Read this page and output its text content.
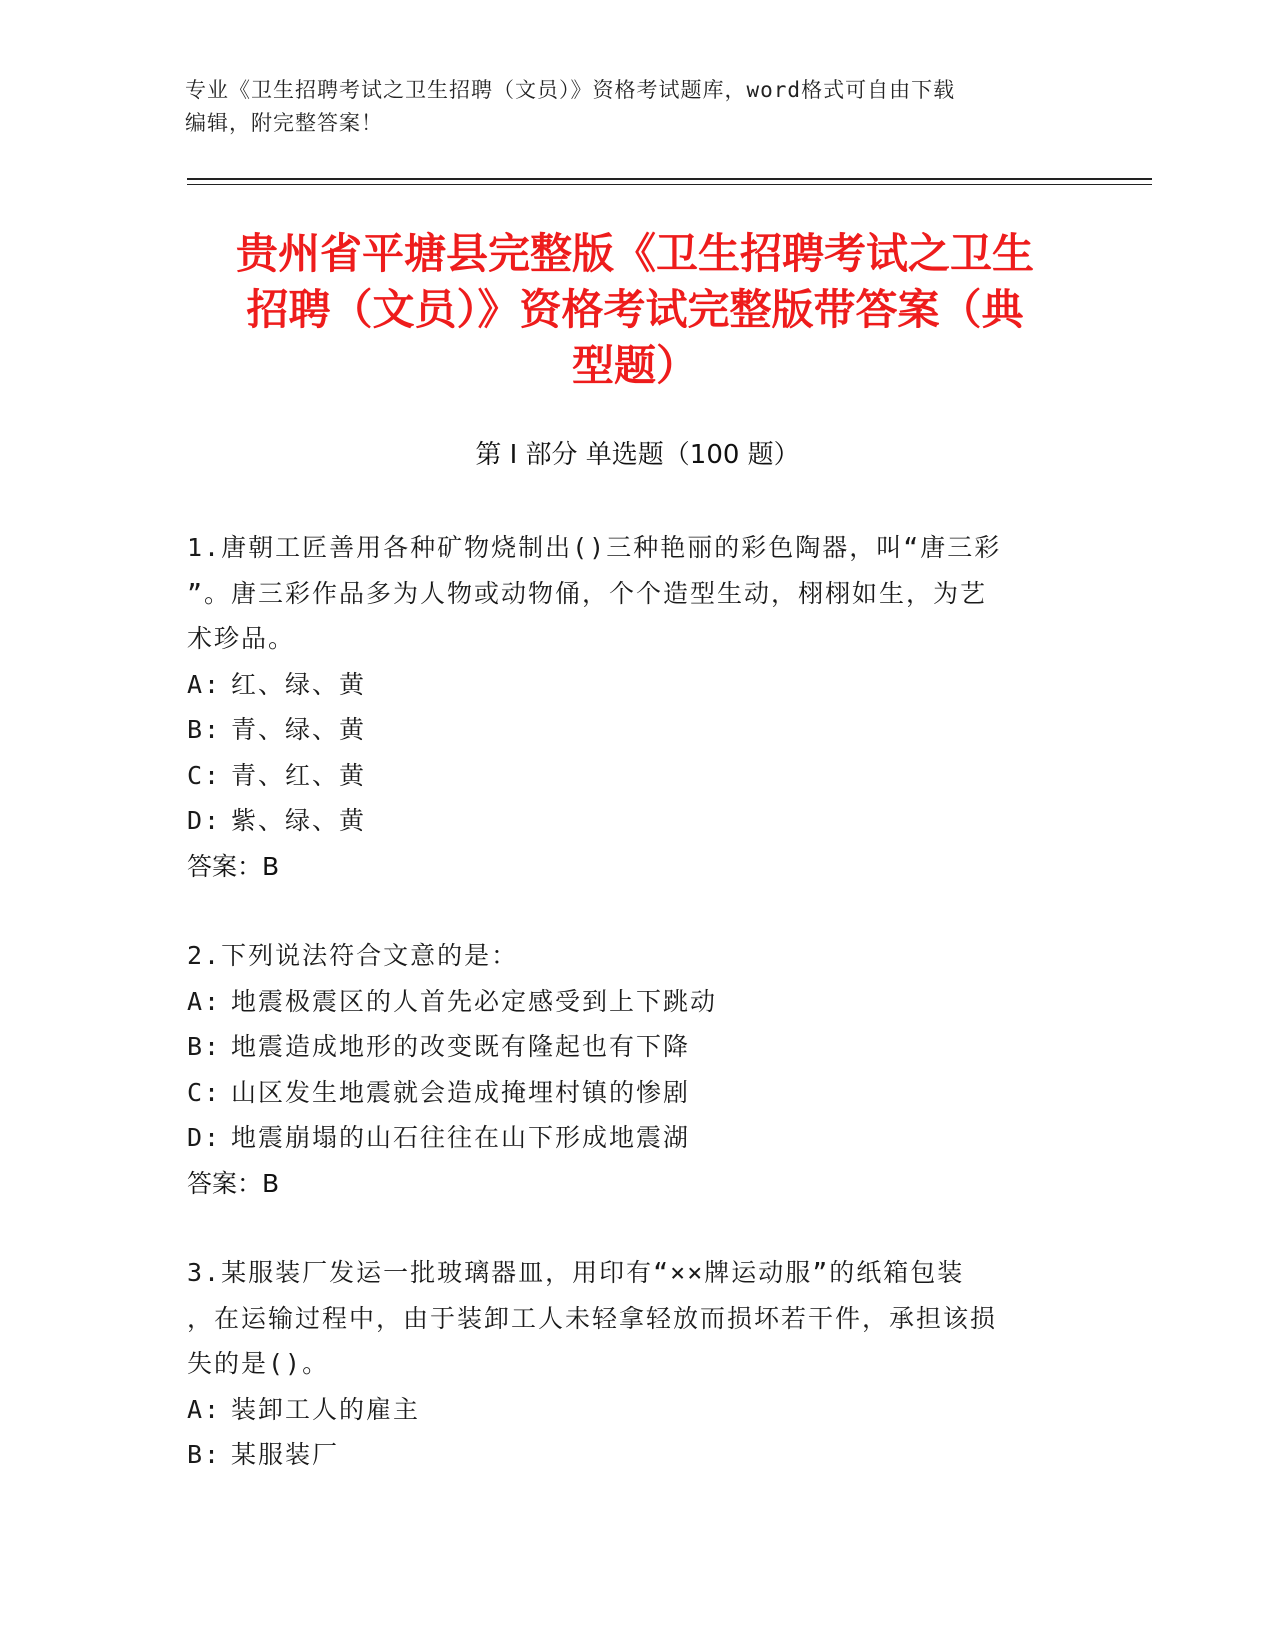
专业《卫生招聘考试之卫生招聘（文员）》资格考试题库，word格式可自由下载
编辑，附完整答案！
贵州省平塘县完整版《卫生招聘考试之卫生
招聘（文员）》资格考试完整版带答案（典
型题）
第 I 部分 单选题（100 题）

1.唐朝工匠善用各种矿物烧制出()三种艳丽的彩色陶器，叫“唐三彩

”。唐三彩作品多为人物或动物俑，个个造型生动，栩栩如生，为艺

术珍品。

A: 红、绿、黄

B: 青、绿、黄

C: 青、红、黄

D: 紫、绿、黄

答案：B

2.下列说法符合文意的是：

A: 地震极震区的人首先必定感受到上下跳动

B: 地震造成地形的改变既有隆起也有下降

C: 山区发生地震就会造成掩埋村镇的惨剧

D: 地震崩塌的山石往往在山下形成地震湖

答案：B

3.某服装厂发运一批玻璃器皿，用印有“××牌运动服”的纸箱包装

，在运输过程中，由于装卸工人未轻拿轻放而损坏若干件，承担该损

失的是()。

A: 装卸工人的雇主

B: 某服装厂
